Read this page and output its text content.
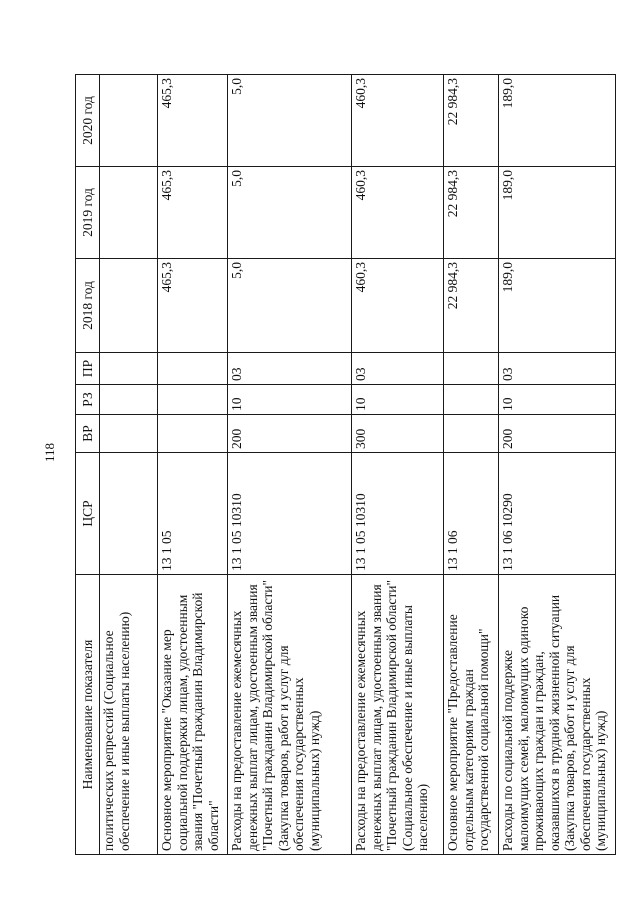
118
Наименование показателя	ЦСР	ВР	РЗ	ПР	2018 год	2019 год	2020 год
политических репрессий (Социальное обеспечение и иные выплаты населению)							
Основное мероприятие "Оказание мер социальной поддержки лицам, удостоенным звания "Почетный гражданин Владимирской области"	13 1 05				465,3	465,3	465,3
Расходы на предоставление ежемесячных денежных выплат лицам, удостоенным звания "Почетный гражданин Владимирской области" (Закупка товаров, работ и услуг для обеспечения государственных (муниципальных) нужд)	13 1 05 10310	200	10	03	5,0	5,0	5,0
Расходы на предоставление ежемесячных денежных выплат лицам, удостоенным звания "Почетный гражданин Владимирской области" (Социальное обеспечение и иные выплаты населению)	13 1 05 10310	300	10	03	460,3	460,3	460,3
Основное мероприятие "Предоставление отдельным категориям граждан государственной социальной помощи"	13 1 06				22 984,3	22 984,3	22 984,3
Расходы по социальной поддержке малоимущих семей, малоимущих одиноко проживающих граждан и граждан, оказавшихся в трудной жизненной ситуации (Закупка товаров, работ и услуг для обеспечения государственных (муниципальных) нужд)	13 1 06 10290	200	10	03	189,0	189,0	189,0
